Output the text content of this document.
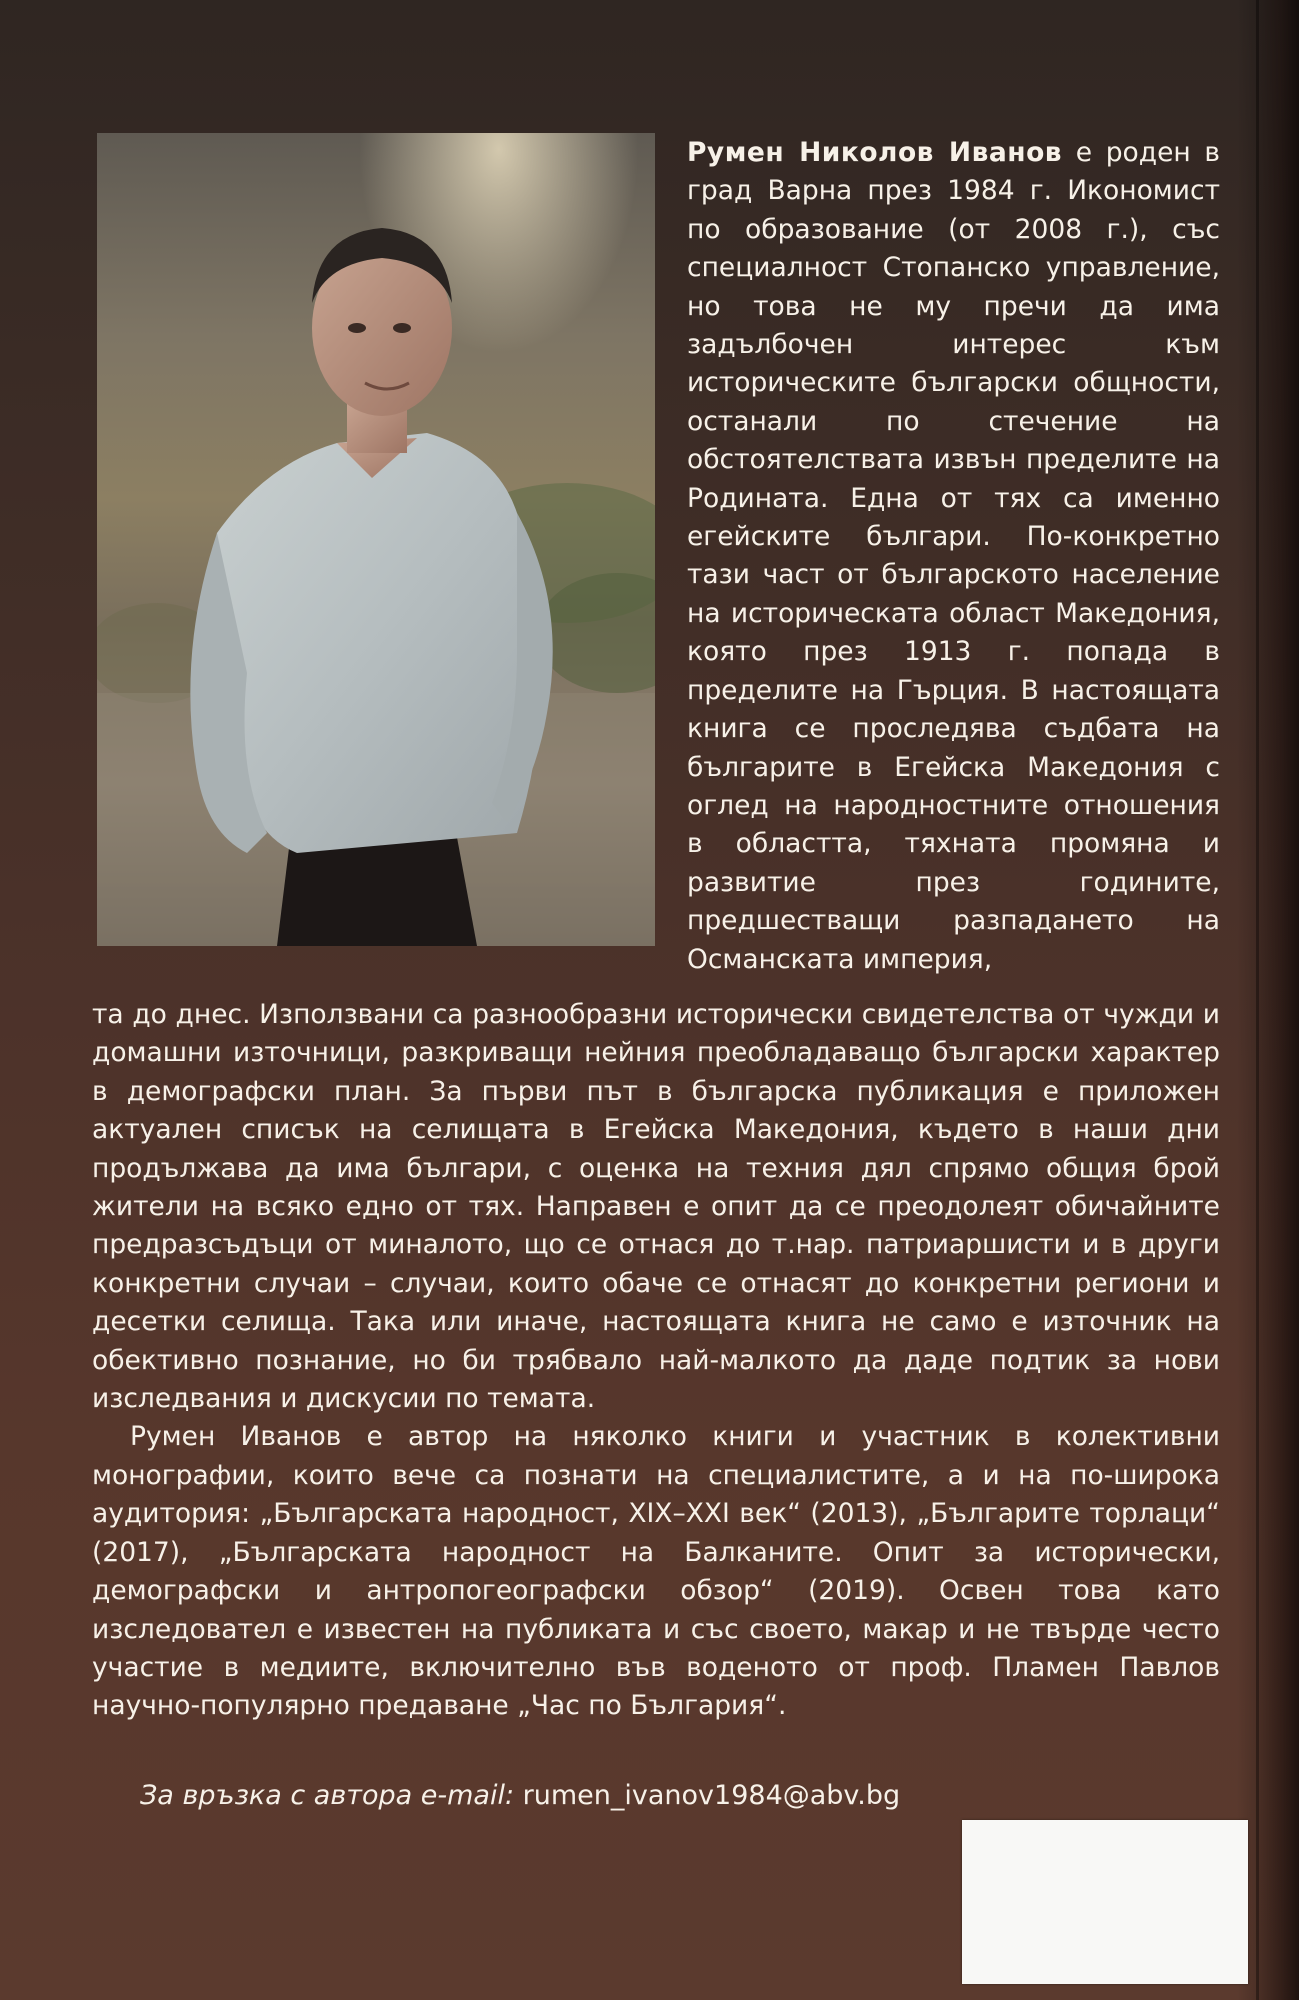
Румен Николов Иванов е роден в град Варна през 1984 г. Икономист по образование (от 2008 г.), със специалност Стопанско управление, но това не му пречи да има задълбочен интерес към историческите български общности, останали по стечение на обстоятелствата извън пределите на Родината. Една от тях са именно егейските българи. По-конкретно тази част от българското население на историческата област Македония, която през 1913 г. попада в пределите на Гърция. В настоящата книга се проследява съдбата на българите в Егейска Македония с оглед на народностните отношения в областта, тяхната промяна и развитие през годините, предшестващи разпадането на Османската империя,

та до днес. Използвани са разнообразни исторически свидетелства от чужди и домашни източници, разкриващи нейния преобладаващо български характер в демографски план. За първи път в българска публикация е приложен актуален списък на селищата в Егейска Македония, където в наши дни продължава да има българи, с оценка на техния дял спрямо общия брой жители на всяко едно от тях. Направен е опит да се преодолеят обичайните предразсъдъци от миналото, що се отнася до т.нар. патриаршисти и в други конкретни случаи – случаи, които обаче се отнасят до конкретни региони и десетки селища. Така или иначе, настоящата книга не само е източник на обективно познание, но би трябвало най-малкото да даде подтик за нови изследвания и дискусии по темата.

Румен Иванов е автор на няколко книги и участник в колективни монографии, които вече са познати на специалистите, а и на по-широка аудитория: „Българската народност, XIX–XXI век“ (2013), „Българите торлаци“ (2017), „Българската народност на Балканите. Опит за исторически, демографски и антропогеографски обзор“ (2019). Освен това като изследовател е известен на публиката и със своето, макар и не твърде често участие в медиите, включително във воденото от проф. Пламен Павлов научно-популярно предаване „Час по България“.

За връзка с автора e-mail: rumen_ivanov1984@abv.bg
